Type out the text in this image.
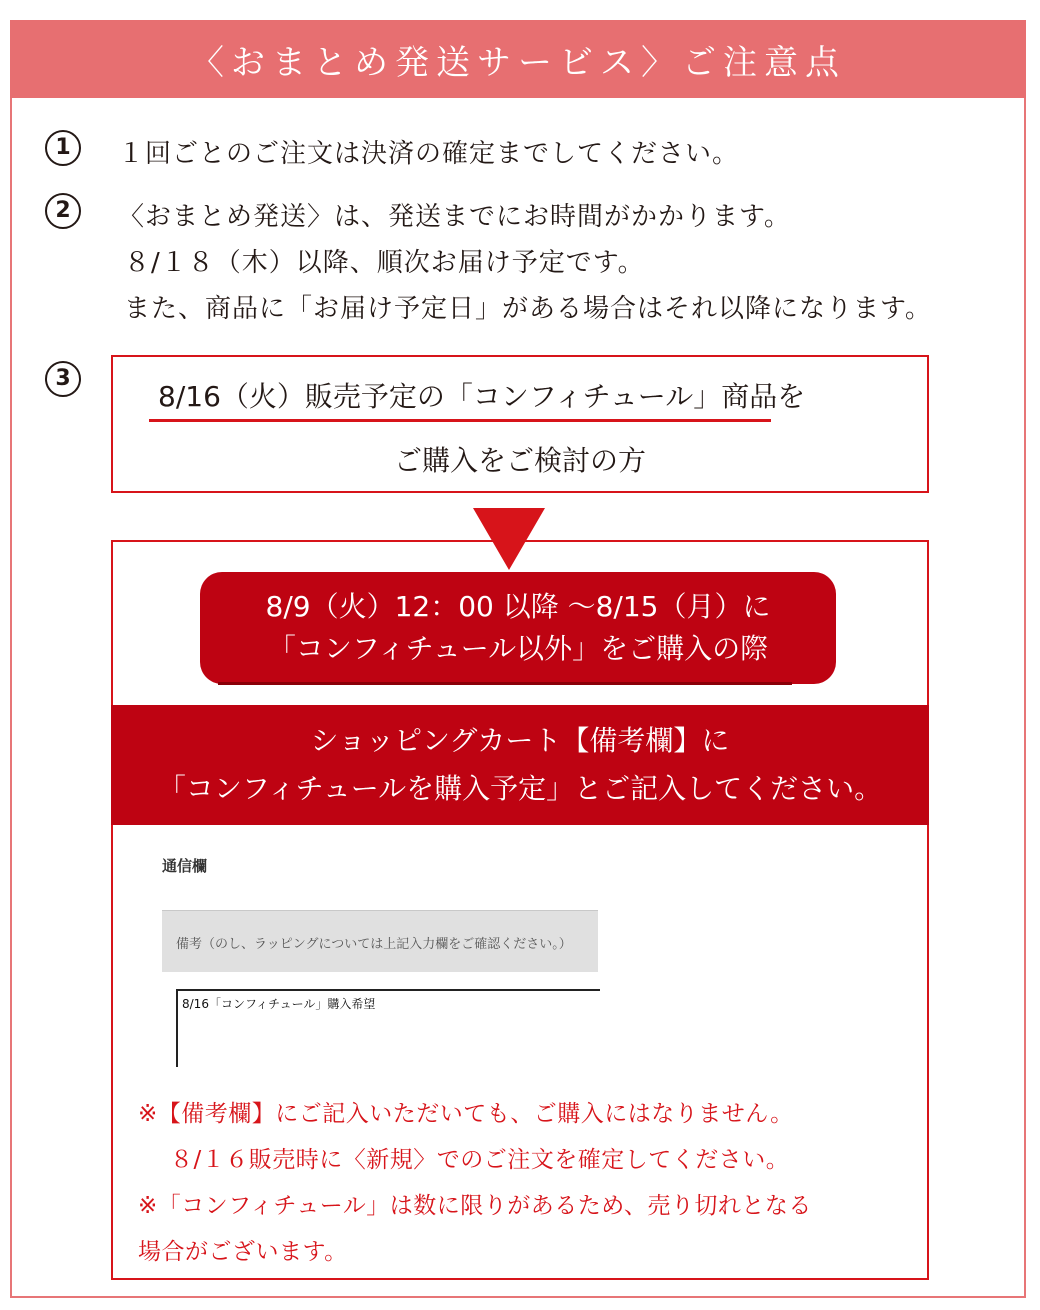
〈おまとめ発送サービス〉ご注意点
1	１回ごとのご注文は決済の確定までしてください。
2	〈おまとめ発送〉は、発送までにお時間がかかります。
８/１８（木）以降、順次お届け予定です。
また、商品に「お届け予定日」がある場合はそれ以降になります。
3
8/16（火）販売予定の「コンフィチュール」商品を
ご購入をご検討の方
8/9（火）12：00 以降 ～8/15（月）に
「コンフィチュール以外」をご購入の際
ショッピングカート【備考欄】に
「コンフィチュールを購入予定」とご記入してください。
通信欄
備考（のし、ラッピングについては上記入力欄をご確認ください。）
8/16「コンフィチュール」購入希望
※【備考欄】にご記入いただいても、ご購入にはなりません。
８/１６販売時に〈新規〉でのご注文を確定してください。
※「コンフィチュール」は数に限りがあるため、売り切れとなる
場合がございます。
